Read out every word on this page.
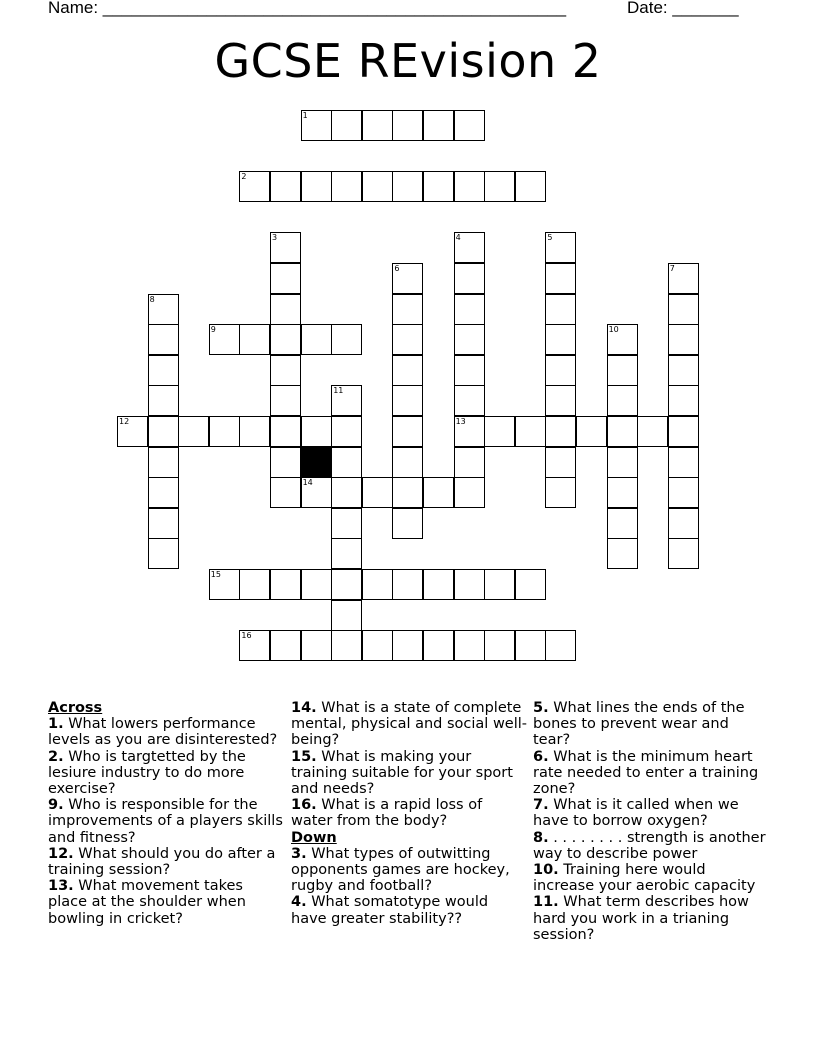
Name: _________________________________________________	Date: _______
GCSE REvision 2
1
2
3	4
13
5
6	7
8
9	10
11
12
14
15
16
Across

1. What lowers performance levels as you are disinterested?

2. Who is targtetted by the lesiure industry to do more exercise?

9. Who is responsible for the improvements of a players skills and fitness?

12. What should you do after a training session?

13. What movement takes place at the shoulder when bowling in cricket?

14. What is a state of complete mental, physical and social well-being?

15. What is making your training suitable for your sport and needs?

16. What is a rapid loss of water from the body?

Down

3. What types of outwitting opponents games are hockey, rugby and football?

4. What somatotype would have greater stability??

5. What lines the ends of the bones to prevent wear and tear?

6. What is the minimum heart rate needed to enter a training zone?

7. What is it called when we have to borrow oxygen?

8. . . . . . . . . strength is another way to describe power

10. Training here would increase your aerobic capacity

11. What term describes how hard you work in a trianing session?
